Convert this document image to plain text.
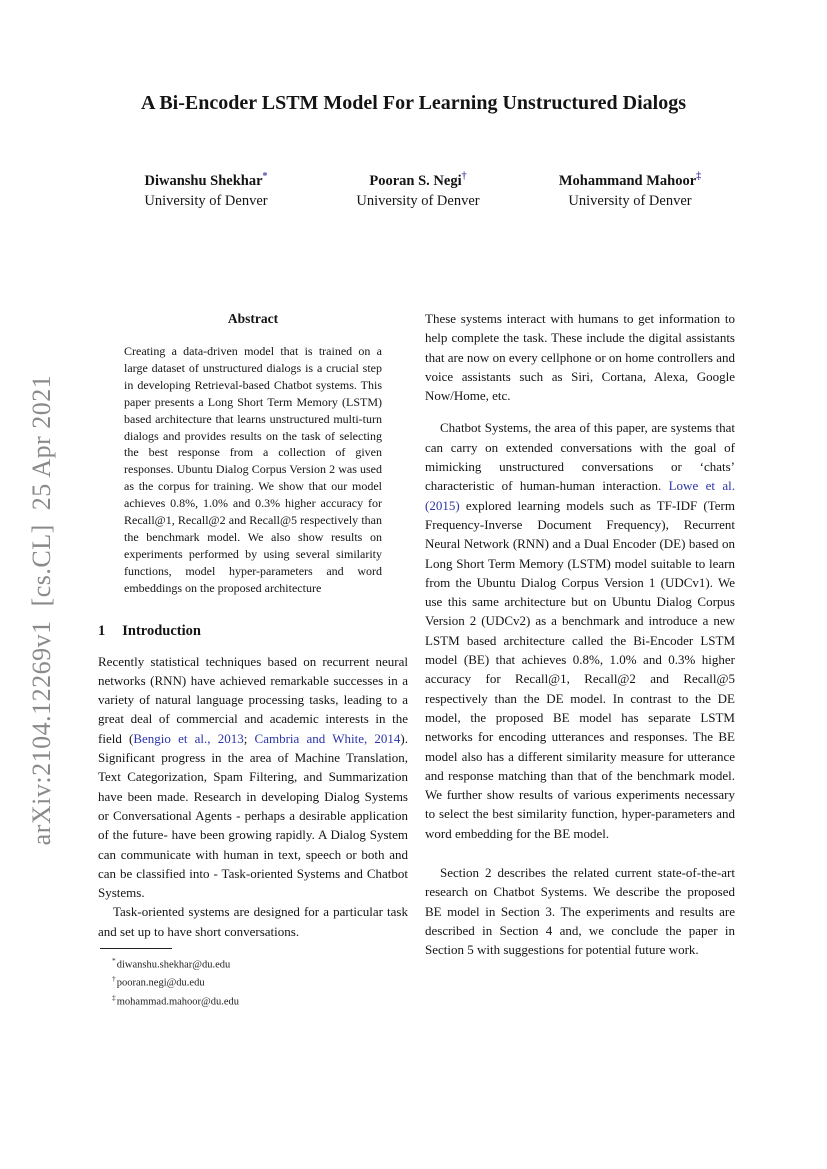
arXiv:2104.12269v1  [cs.CL]  25 Apr 2021
A Bi-Encoder LSTM Model For Learning Unstructured Dialogs
Diwanshu Shekhar*
University of Denver
Pooran S. Negi†
University of Denver
Mohammand Mahoor‡
University of Denver
Abstract

Creating a data-driven model that is trained on a large dataset of unstructured dialogs is a crucial step in developing Retrieval-based Chatbot systems. This paper presents a Long Short Term Memory (LSTM) based architecture that learns unstructured multi-turn dialogs and provides results on the task of selecting the best response from a collection of given responses. Ubuntu Dialog Corpus Version 2 was used as the corpus for training. We show that our model achieves 0.8%, 1.0% and 0.3% higher accuracy for Recall@1, Recall@2 and Recall@5 respectively than the benchmark model. We also show results on experiments performed by using several similarity functions, model hyper-parameters and word embeddings on the proposed architecture

1 Introduction

Recently statistical techniques based on recurrent neural networks (RNN) have achieved remarkable successes in a variety of natural language processing tasks, leading to a great deal of commercial and academic interests in the field (Bengio et al., 2013; Cambria and White, 2014). Significant progress in the area of Machine Translation, Text Categorization, Spam Filtering, and Summarization have been made. Research in developing Dialog Systems or Conversational Agents - perhaps a desirable application of the future- have been growing rapidly. A Dialog System can communicate with human in text, speech or both and can be classified into - Task-oriented Systems and Chatbot Systems.

Task-oriented systems are designed for a particular task and set up to have short conversations.

*diwanshu.shekhar@du.edu
†pooran.negi@du.edu
‡mohammad.mahoor@du.edu

These systems interact with humans to get information to help complete the task. These include the digital assistants that are now on every cellphone or on home controllers and voice assistants such as Siri, Cortana, Alexa, Google Now/Home, etc.

Chatbot Systems, the area of this paper, are systems that can carry on extended conversations with the goal of mimicking unstructured conversations or ‘chats’ characteristic of human-human interaction. Lowe et al. (2015) explored learning models such as TF-IDF (Term Frequency-Inverse Document Frequency), Recurrent Neural Network (RNN) and a Dual Encoder (DE) based on Long Short Term Memory (LSTM) model suitable to learn from the Ubuntu Dialog Corpus Version 1 (UDCv1). We use this same architecture but on Ubuntu Dialog Corpus Version 2 (UDCv2) as a benchmark and introduce a new LSTM based architecture called the Bi-Encoder LSTM model (BE) that achieves 0.8%, 1.0% and 0.3% higher accuracy for Recall@1, Recall@2 and Recall@5 respectively than the DE model. In contrast to the DE model, the proposed BE model has separate LSTM networks for encoding utterances and responses. The BE model also has a different similarity measure for utterance and response matching than that of the benchmark model. We further show results of various experiments necessary to select the best similarity function, hyper-parameters and word embedding for the BE model.

Section 2 describes the related current state-of-the-art research on Chatbot Systems. We describe the proposed BE model in Section 3. The experiments and results are described in Section 4 and, we conclude the paper in Section 5 with suggestions for potential future work.
